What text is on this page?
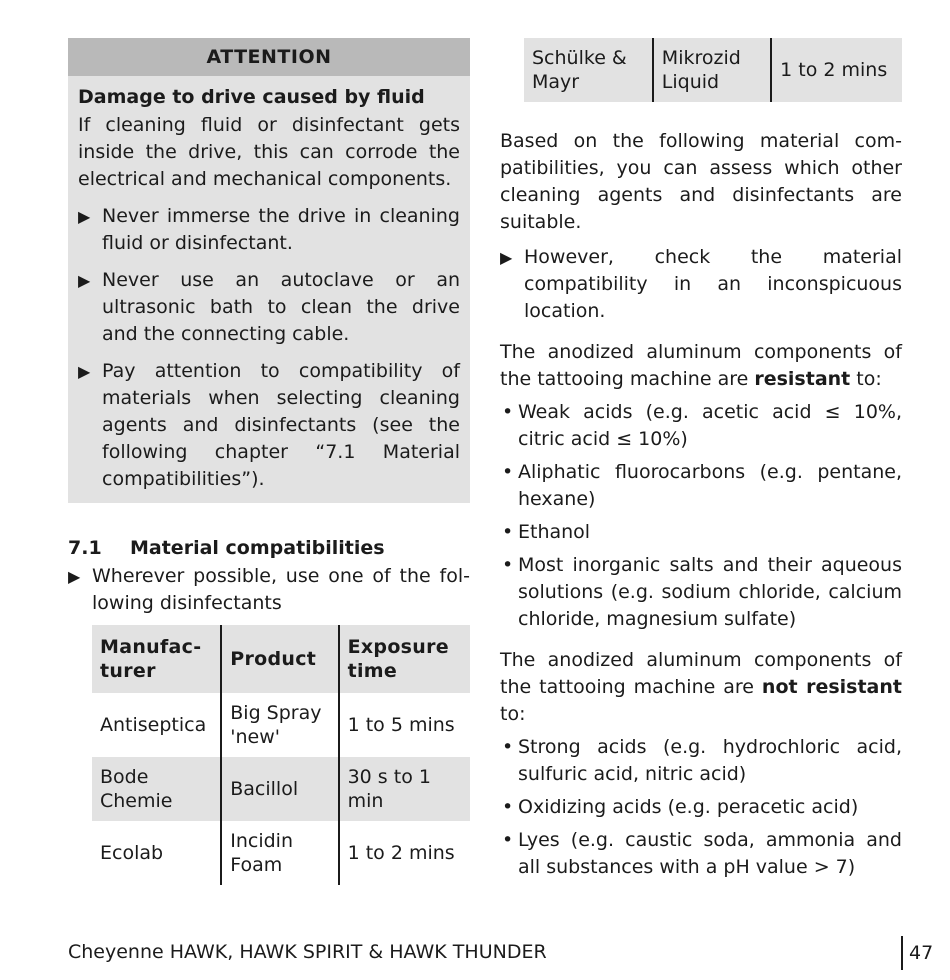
ATTENTION
Damage to drive caused by fluid
If cleaning fluid or disinfectant gets inside the drive, this can corrode the electrical and mechanical components.
▶ Never immerse the drive in cleaning fluid or disinfectant.
▶ Never use an autoclave or an ultrasonic bath to clean the drive and the connecting cable.
▶ Pay attention to compatibility of materials when selecting cleaning agents and disinfectants (see the following chapter “7.1 Material compatibilities”).
7.1 Material compatibilities
▶ Wherever possible, use one of the following disinfectants
Manufac-turer	Product	Exposure time
Antiseptica	Big Spray 'new'	1 to 5 mins
Bode Chemie	Bacillol	30 s to 1 min
Ecolab	Incidin Foam	1 to 2 mins
Schülke & Mayr	Mikrozid Liquid	1 to 2 mins
Based on the following material compatibilities, you can assess which other cleaning agents and disinfectants are suitable.
▶ However, check the material compatibility in an inconspicuous location.
The anodized aluminum components of the tattooing machine are resistant to:
• Weak acids (e.g. acetic acid ≤ 10%, citric acid ≤ 10%)
• Aliphatic fluorocarbons (e.g. pentane, hexane)
• Ethanol
• Most inorganic salts and their aqueous solutions (e.g. sodium chloride, calcium chloride, magnesium sulfate)
The anodized aluminum components of the tattooing machine are not resistant to:
• Strong acids (e.g. hydrochloric acid, sulfuric acid, nitric acid)
• Oxidizing acids (e.g. peracetic acid)
• Lyes (e.g. caustic soda, ammonia and all substances with a pH value > 7)
Cheyenne HAWK, HAWK SPIRIT & HAWK THUNDER	47
